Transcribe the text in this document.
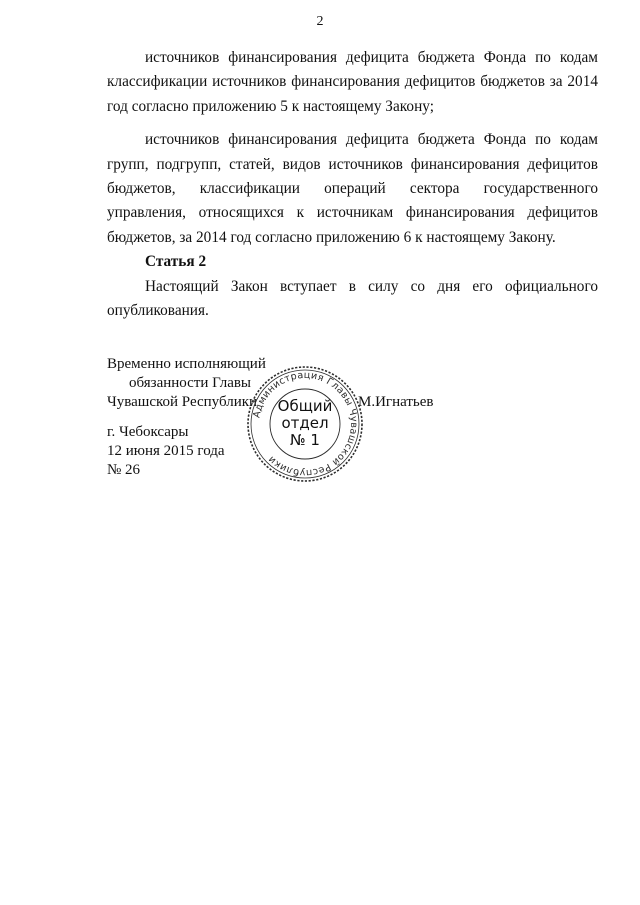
2

источников финансирования дефицита бюджета Фонда по кодам классификации источников финансирования дефицитов бюджетов за 2014 год согласно приложению 5 к настоящему Закону;

источников финансирования дефицита бюджета Фонда по кодам групп, подгрупп, статей, видов источников финансирования дефицитов бюджетов, классификации операций сектора государственного управления, относящихся к источникам финансирования дефицитов бюджетов, за 2014 год согласно приложению 6 к настоящему Закону.

Статья 2

Настоящий Закон вступает в силу со дня его официального опубликования.

Временно исполняющий
обязанности Главы
Чувашской Республики	М.Игнатьев
г. Чебоксары
12 июня 2015 года
№ 26
Администрация Главы Чувашской Республики
Общий
отдел
№ 1
